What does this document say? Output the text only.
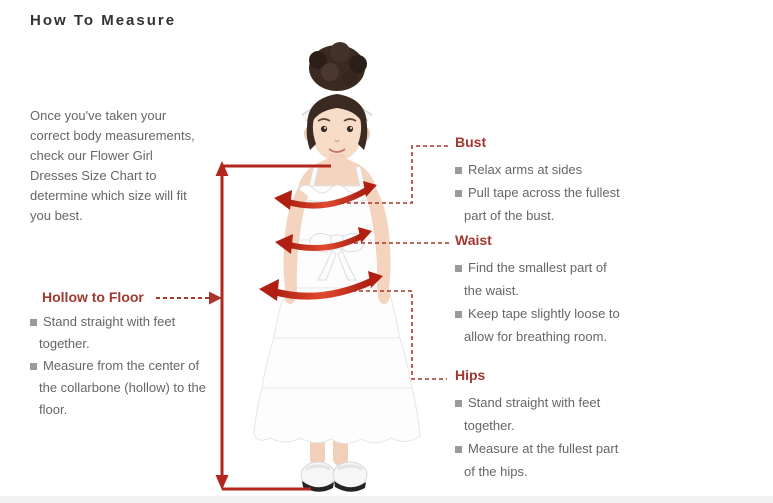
How To Measure
Once you've taken your
correct body measurements,
check our Flower Girl
Dresses Size Chart to
determine which size will fit
you best.
Hollow to Floor
Stand straight with feet together.
Measure from the center of the collarbone (hollow) to the floor.
Bust
Relax arms at sides
Pull tape across the fullest part of the bust.
Waist
Find the smallest part of the waist.
Keep tape slightly loose to allow for breathing room.
Hips
Stand straight with feet together.
Measure at the fullest part of the hips.
